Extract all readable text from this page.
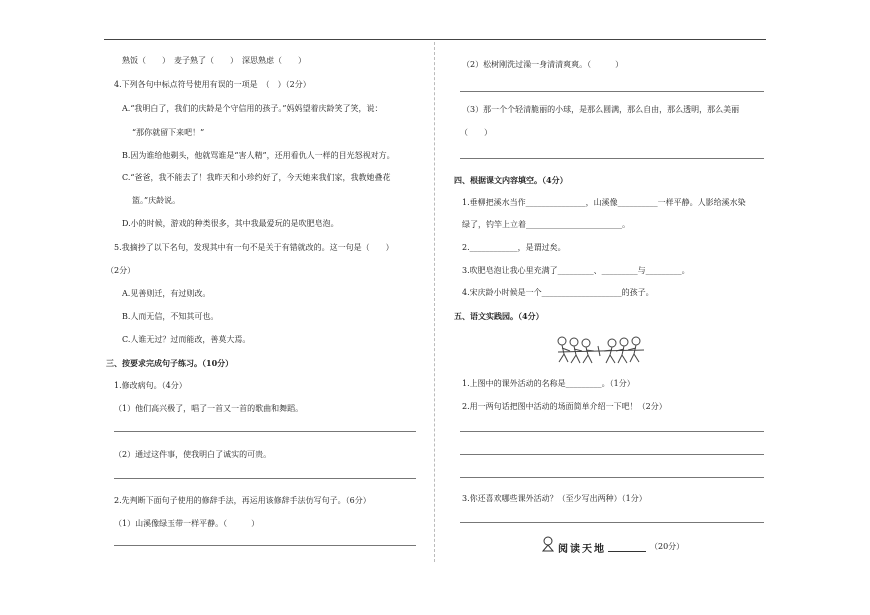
熟饭（　　）　麦子熟了（　　）　深思熟虑（　　）
4.下列各句中标点符号使用有误的一项是　（　）（2分）
A.“我明白了，我们的庆龄是个守信用的孩子。”妈妈望着庆龄笑了笑，说：
“那你就留下来吧！”
B.因为谁给他剃头，他就骂谁是“害人精”，还用看仇人一样的目光怒视对方。
C.“爸爸，我不能去了！我昨天和小珍约好了，今天她来我们家，我教她叠花
篮。”庆龄说。
D.小的时候，游戏的种类很多，其中我最爱玩的是吹肥皂泡。
5.我摘抄了以下名句，发现其中有一句不是关于有错就改的。这一句是（　　）
（2分）
A.见善则迁，有过则改。
B.人而无信，不知其可也。
C.人谁无过？过而能改，善莫大焉。
三、按要求完成句子练习。（10分）
1.修改病句。（4分）
（1）他们高兴极了，唱了一首又一首的歌曲和舞蹈。
（2）通过这件事，使我明白了诚实的可贵。
2.先判断下面句子使用的修辞手法，再运用该修辞手法仿写句子。（6分）
（1）山溪像绿玉带一样平静。（　　　）
（2）松树刚洗过澡一身清清爽爽。（　　　）
（3）那一个个轻清脆丽的小球，是那么圆满，那么自由，那么透明，那么美丽
（　　）
四、根据课文内容填空。（4分）
1.垂柳把溪水当作_______________，山溪像__________一样平静。人影给溪水染
绿了，钓竿上立着________________________。
2.____________，是谓过矣。
3.吹肥皂泡让我心里充满了_________、_________与_________。
4.宋庆龄小时候是一个____________________的孩子。
五、语文实践园。（4分）
1.上图中的课外活动的名称是_________。（1分）
2.用一两句话把图中活动的场面简单介绍一下吧！（2分）
3.你还喜欢哪些课外活动？（至少写出两种）（1分）
阅读天地	（20分）
